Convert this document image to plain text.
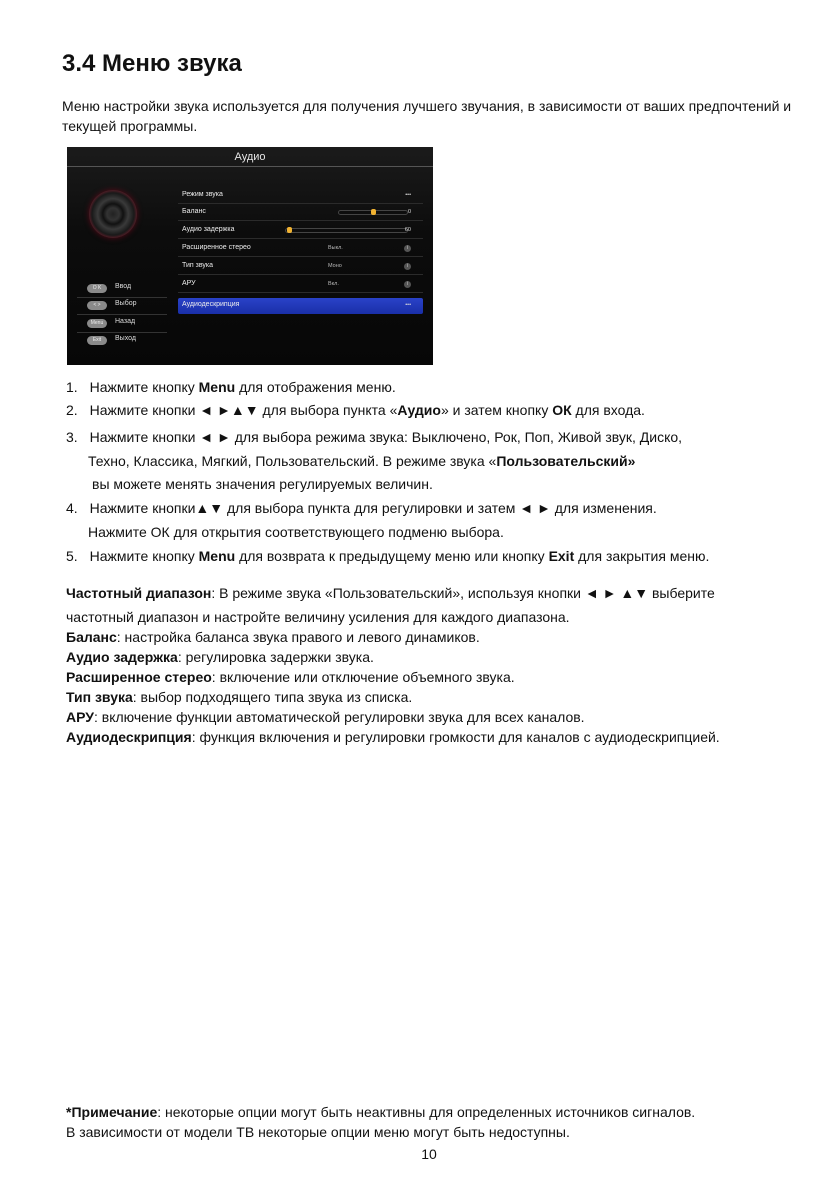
3.4 Меню звука
Меню настройки звука используется для получения лучшего звучания, в зависимости от ваших предпочтений и текущей программы.
Аудио
O K	Ввод
< >	Выбор
Menu	Назад
Exit	Выход
Режим звука	•••
Баланс	0
Аудио задержка	60
Расширенное стерео	Выкл.	i
Тип звука	Моно	i
АРУ	Вкл.	i
Аудиодескрипция	•••
1. Нажмите кнопку Menu для отображения меню.
2. Нажмите кнопки ◄ ►▲▼ для выбора пункта «Аудио» и затем кнопку ОК для входа.
3. Нажмите кнопки ◄ ► для выбора режима звука: Выключено, Рок, Поп, Живой звук, Диско,
Техно, Классика, Мягкий, Пользовательский. В режиме звука «Пользовательский»
вы можете менять значения регулируемых величин.
4. Нажмите кнопки▲▼ для выбора пункта для регулировки и затем ◄ ► для изменения.
Нажмите ОК для открытия соответствующего подменю выбора.
5. Нажмите кнопку Menu для возврата к предыдущему меню или кнопку Exit для закрытия меню.

Частотный диапазон: В режиме звука «Пользовательский», используя кнопки ◄ ► ▲▼ выберите

частотный диапазон и настройте величину усиления для каждого диапазона.

Баланс: настройка баланса звука правого и левого динамиков.

Аудио задержка: регулировка задержки звука.

Расширенное стерео: включение или отключение объемного звука.

Тип звука: выбор подходящего типа звука из списка.

АРУ: включение функции автоматической регулировки звука для всех каналов.

Аудиодескрипция: функция включения и регулировки громкости для каналов с аудиодескрипцией.

*Примечание: некоторые опции могут быть неактивны для определенных источников сигналов.

В зависимости от модели ТВ некоторые опции меню могут быть недоступны.

10
